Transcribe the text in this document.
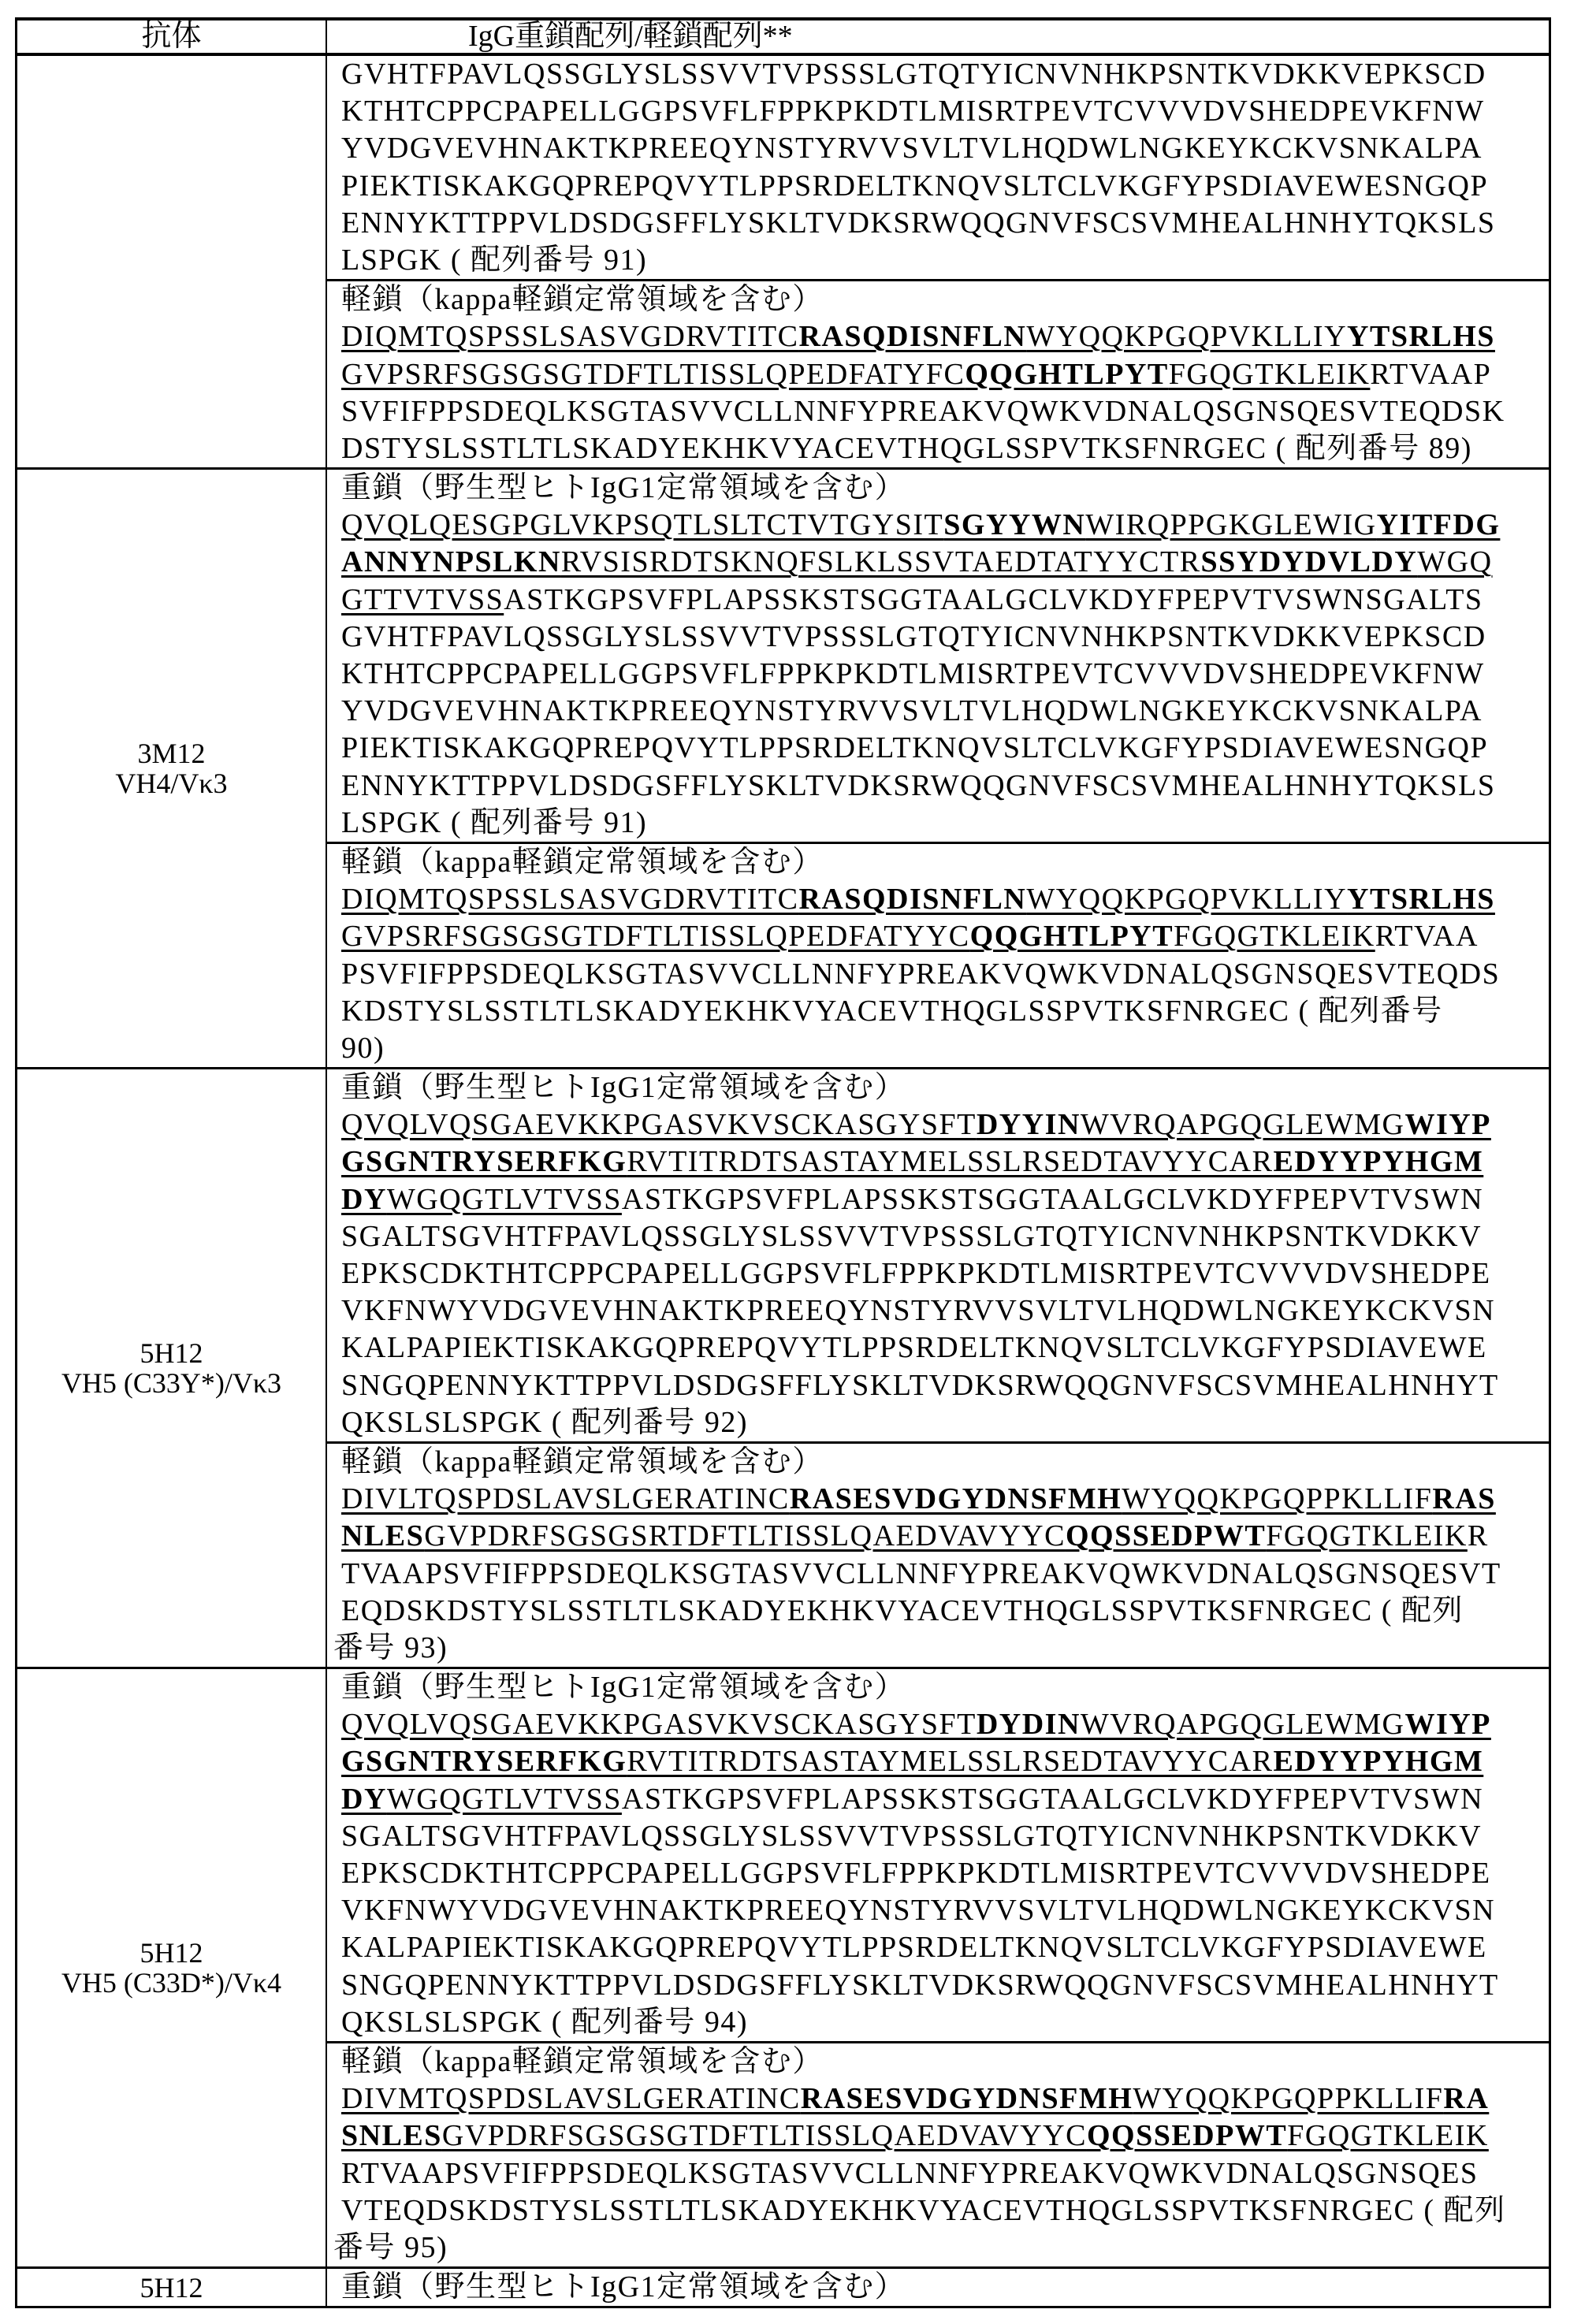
抗体	IgG重鎖配列/軽鎖配列**
GVHTFPAVLQSSGLYSLSSVVTVPSSSLGTQTYICNVNHKPSNTKVDKKVEPKSCD
KTHTCPPCPAPELLGGPSVFLFPPKPKDTLMISRTPEVTCVVVDVSHEDPEVKFNW
YVDGVEVHNAKTKPREEQYNSTYRVVSVLTVLHQDWLNGKEYKCKVSNKALPA
PIEKTISKAKGQPREPQVYTLPPSRDELTKNQVSLTCLVKGFYPSDIAVEWESNGQP
ENNYKTTPPVLDSDGSFFLYSKLTVDKSRWQQGNVFSCSVMHEALHNHYTQKSLS
LSPGK ( 配列番号 91)
軽鎖（kappa軽鎖定常領域を含む）
DIQMTQSPSSLSASVGDRVTITCRASQDISNFLNWYQQKPGQPVKLLIYYTSRLHS
GVPSRFSGSGSGTDFTLTISSLQPEDFATYFCQQGHTLPYTFGQGTKLEIKRTVAAP
SVFIFPPSDEQLKSGTASVVCLLNNFYPREAKVQWKVDNALQSGNSQESVTEQDSK
DSTYSLSSTLTLSKADYEKHKVYACEVTHQGLSSPVTKSFNRGEC ( 配列番号 89)
3M12
VH4/Vκ3
重鎖（野生型ヒトIgG1定常領域を含む）
QVQLQESGPGLVKPSQTLSLTCTVTGYSITSGYYWNWIRQPPGKGLEWIGYITFDG
ANNYNPSLKNRVSISRDTSKNQFSLKLSSVTAEDTATYYCTRSSYDYDVLDYWGQ
GTTVTVSSASTKGPSVFPLAPSSKSTSGGTAALGCLVKDYFPEPVTVSWNSGALTS
GVHTFPAVLQSSGLYSLSSVVTVPSSSLGTQTYICNVNHKPSNTKVDKKVEPKSCD
KTHTCPPCPAPELLGGPSVFLFPPKPKDTLMISRTPEVTCVVVDVSHEDPEVKFNW
YVDGVEVHNAKTKPREEQYNSTYRVVSVLTVLHQDWLNGKEYKCKVSNKALPA
PIEKTISKAKGQPREPQVYTLPPSRDELTKNQVSLTCLVKGFYPSDIAVEWESNGQP
ENNYKTTPPVLDSDGSFFLYSKLTVDKSRWQQGNVFSCSVMHEALHNHYTQKSLS
LSPGK ( 配列番号 91)
軽鎖（kappa軽鎖定常領域を含む）
DIQMTQSPSSLSASVGDRVTITCRASQDISNFLNWYQQKPGQPVKLLIYYTSRLHS
GVPSRFSGSGSGTDFTLTISSLQPEDFATYYCQQGHTLPYTFGQGTKLEIKRTVAA
PSVFIFPPSDEQLKSGTASVVCLLNNFYPREAKVQWKVDNALQSGNSQESVTEQDS
KDSTYSLSSTLTLSKADYEKHKVYACEVTHQGLSSPVTKSFNRGEC ( 配列番号
90)
5H12
VH5 (C33Y*)/Vκ3
重鎖（野生型ヒトIgG1定常領域を含む）
QVQLVQSGAEVKKPGASVKVSCKASGYSFTDYYINWVRQAPGQGLEWMGWIYP
GSGNTRYSERFKGRVTITRDTSASTAYMELSSLRSEDTAVYYCAREDYYPYHGM
DYWGQGTLVTVSSASTKGPSVFPLAPSSKSTSGGTAALGCLVKDYFPEPVTVSWN
SGALTSGVHTFPAVLQSSGLYSLSSVVTVPSSSLGTQTYICNVNHKPSNTKVDKKV
EPKSCDKTHTCPPCPAPELLGGPSVFLFPPKPKDTLMISRTPEVTCVVVDVSHEDPE
VKFNWYVDGVEVHNAKTKPREEQYNSTYRVVSVLTVLHQDWLNGKEYKCKVSN
KALPAPIEKTISKAKGQPREPQVYTLPPSRDELTKNQVSLTCLVKGFYPSDIAVEWE
SNGQPENNYKTTPPVLDSDGSFFLYSKLTVDKSRWQQGNVFSCSVMHEALHNHYT
QKSLSLSPGK ( 配列番号 92)
軽鎖（kappa軽鎖定常領域を含む）
DIVLTQSPDSLAVSLGERATINCRASESVDGYDNSFMHWYQQKPGQPPKLLIFRAS
NLESGVPDRFSGSGSRTDFTLTISSLQAEDVAVYYCQQSSEDPWTFGQGTKLEIKR
TVAAPSVFIFPPSDEQLKSGTASVVCLLNNFYPREAKVQWKVDNALQSGNSQESVT
EQDSKDSTYSLSSTLTLSKADYEKHKVYACEVTHQGLSSPVTKSFNRGEC ( 配列
番号 93)
5H12
VH5 (C33D*)/Vκ4
重鎖（野生型ヒトIgG1定常領域を含む）
QVQLVQSGAEVKKPGASVKVSCKASGYSFTDYDINWVRQAPGQGLEWMGWIYP
GSGNTRYSERFKGRVTITRDTSASTAYMELSSLRSEDTAVYYCAREDYYPYHGM
DYWGQGTLVTVSSASTKGPSVFPLAPSSKSTSGGTAALGCLVKDYFPEPVTVSWN
SGALTSGVHTFPAVLQSSGLYSLSSVVTVPSSSLGTQTYICNVNHKPSNTKVDKKV
EPKSCDKTHTCPPCPAPELLGGPSVFLFPPKPKDTLMISRTPEVTCVVVDVSHEDPE
VKFNWYVDGVEVHNAKTKPREEQYNSTYRVVSVLTVLHQDWLNGKEYKCKVSN
KALPAPIEKTISKAKGQPREPQVYTLPPSRDELTKNQVSLTCLVKGFYPSDIAVEWE
SNGQPENNYKTTPPVLDSDGSFFLYSKLTVDKSRWQQGNVFSCSVMHEALHNHYT
QKSLSLSPGK ( 配列番号 94)
軽鎖（kappa軽鎖定常領域を含む）
DIVMTQSPDSLAVSLGERATINCRASESVDGYDNSFMHWYQQKPGQPPKLLIFRA
SNLESGVPDRFSGSGSGTDFTLTISSLQAEDVAVYYCQQSSEDPWTFGQGTKLEIK
RTVAAPSVFIFPPSDEQLKSGTASVVCLLNNFYPREAKVQWKVDNALQSGNSQES
VTEQDSKDSTYSLSSTLTLSKADYEKHKVYACEVTHQGLSSPVTKSFNRGEC ( 配列
番号 95)
5H12	重鎖（野生型ヒトIgG1定常領域を含む）
